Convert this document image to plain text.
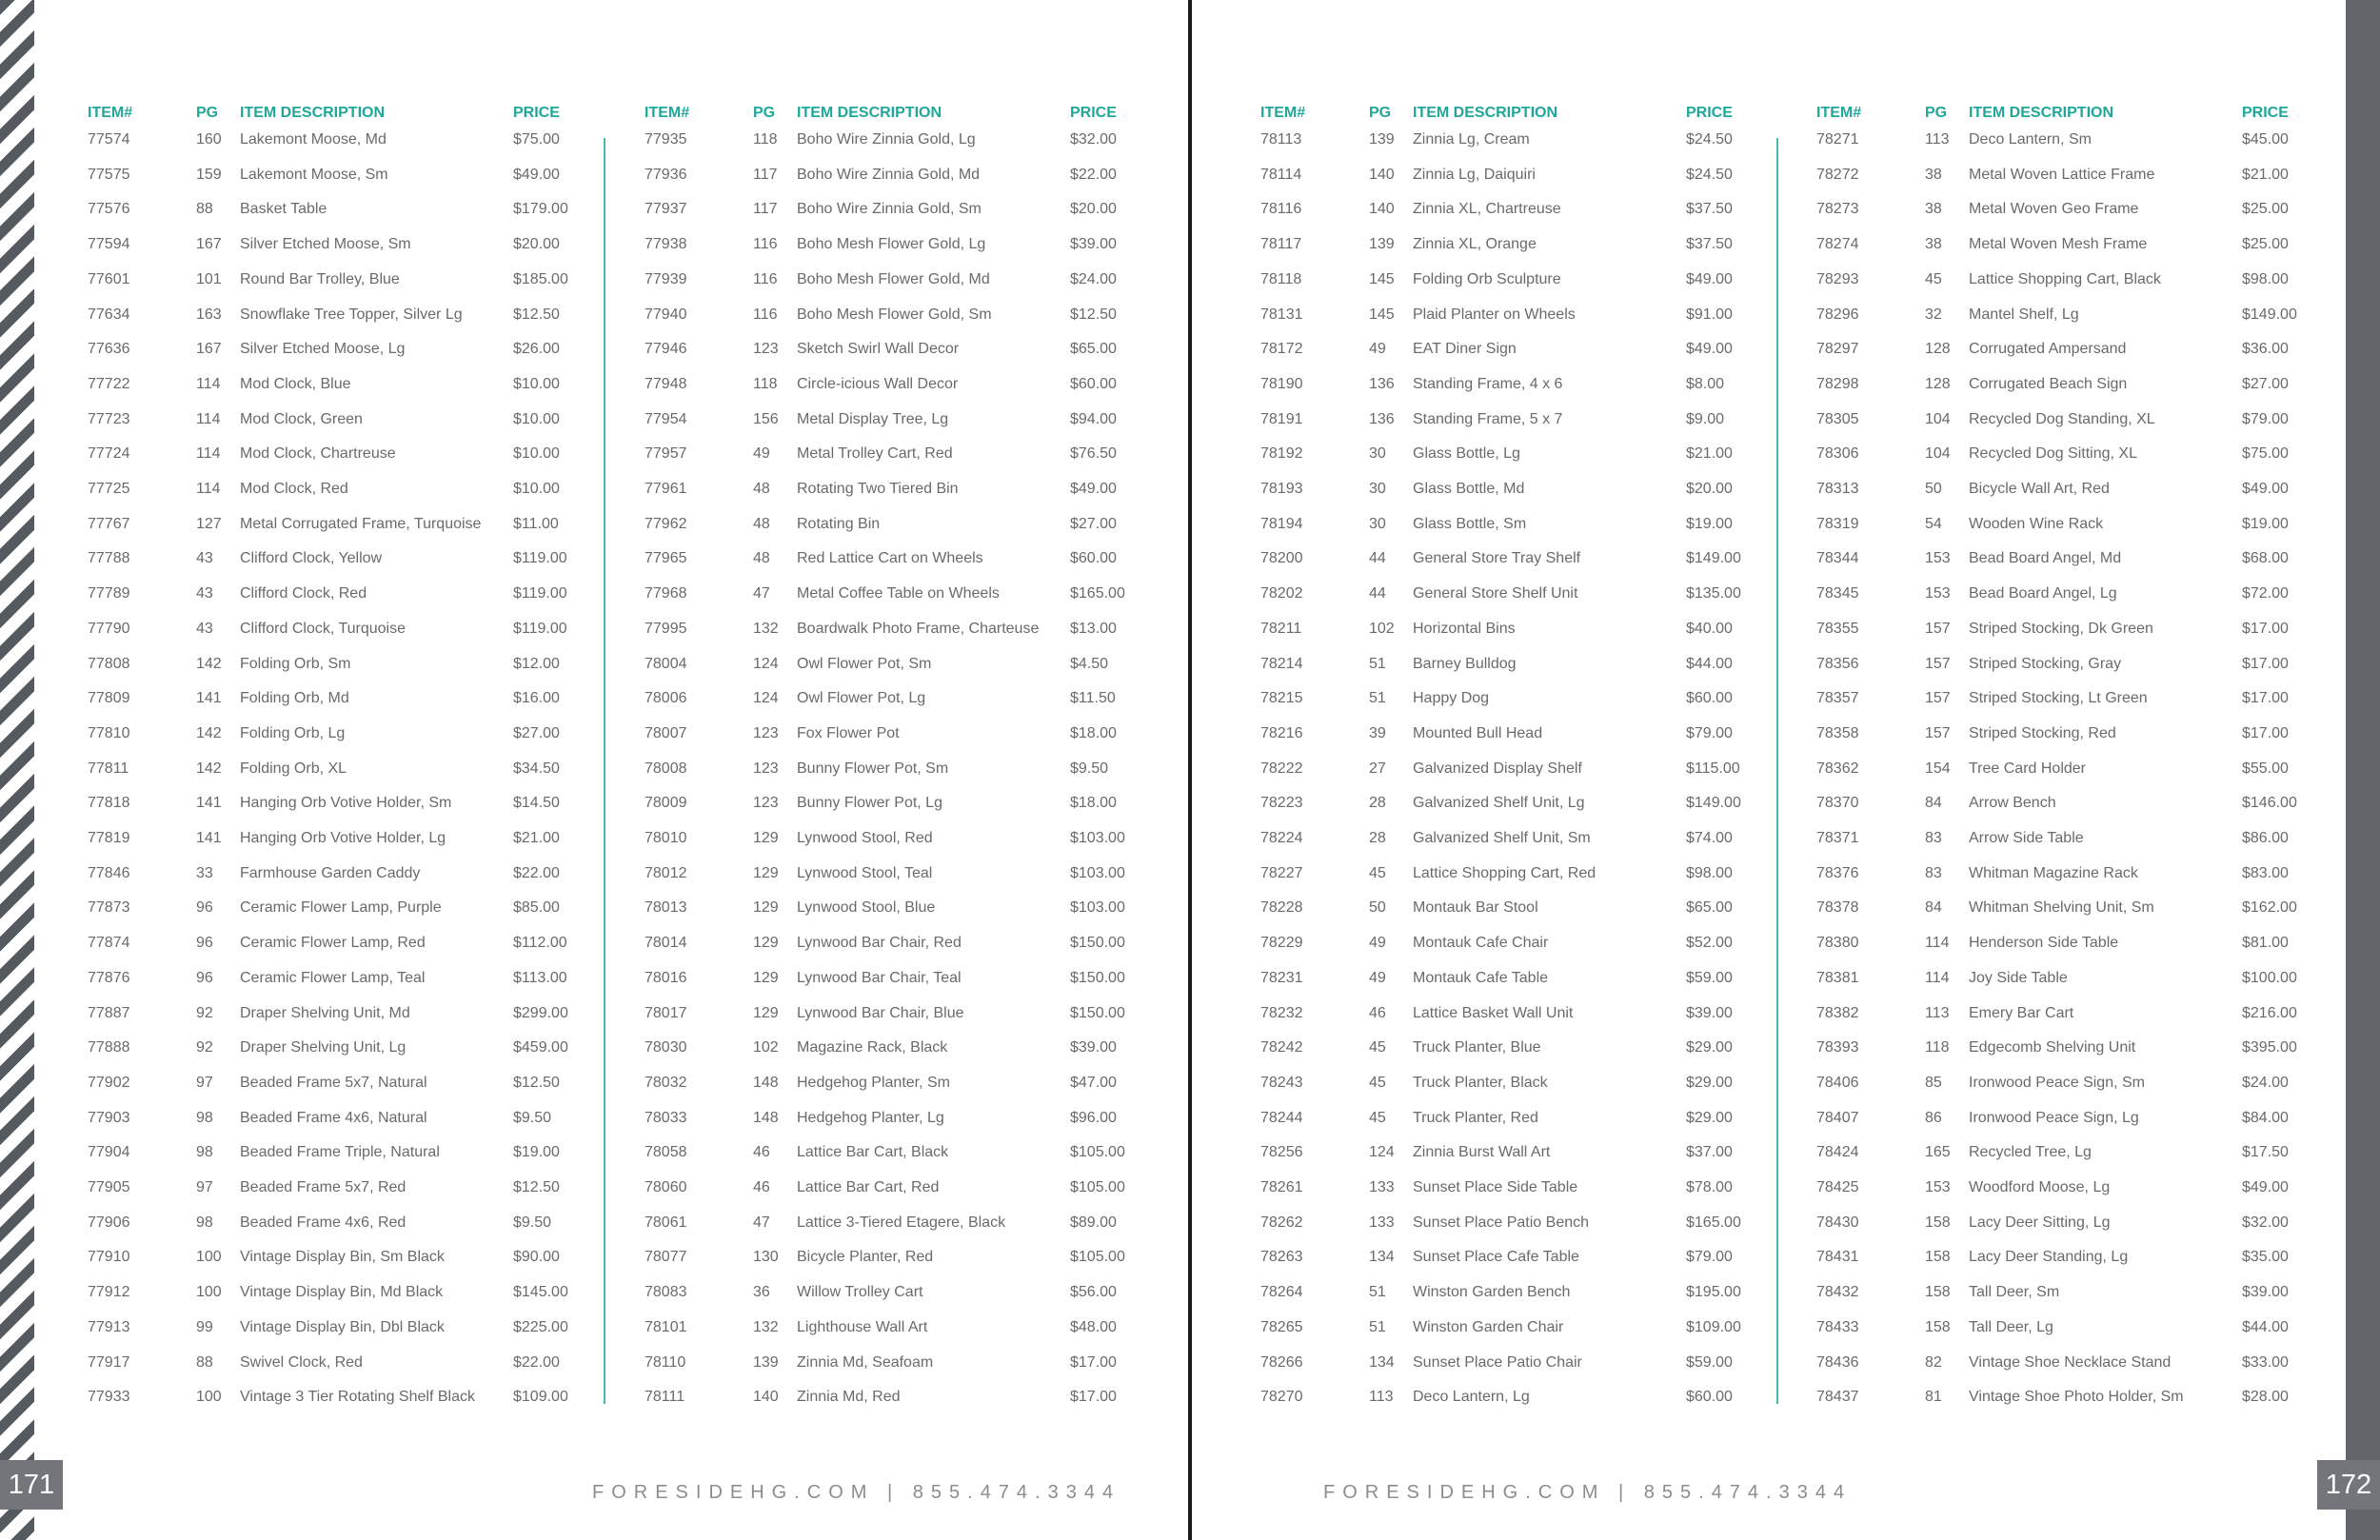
ITEM#	PG ITEM DESCRIPTION	PRICE
77574	160 Lakemont Moose, Md	$75.00
77575	159 Lakemont Moose, Sm	$49.00
77576	88 Basket Table	$179.00
77594	167 Silver Etched Moose, Sm	$20.00
77601	101 Round Bar Trolley, Blue	$185.00
77634	163 Snowflake Tree Topper, Silver Lg	$12.50
77636	167 Silver Etched Moose, Lg	$26.00
77722	114 Mod Clock, Blue	$10.00
77723	114 Mod Clock, Green	$10.00
77724	114 Mod Clock, Chartreuse	$10.00
77725	114 Mod Clock, Red	$10.00
77767	127 Metal Corrugated Frame, Turquoise $11.00
77788	43 Clifford Clock, Yellow	$119.00
77789	43 Clifford Clock, Red	$119.00
77790	43 Clifford Clock, Turquoise	$119.00
77808	142 Folding Orb, Sm	$12.00
77809	141 Folding Orb, Md	$16.00
77810	142 Folding Orb, Lg	$27.00
77811	142 Folding Orb, XL	$34.50
77818	141 Hanging Orb Votive Holder, Sm	$14.50
77819	141 Hanging Orb Votive Holder, Lg	$21.00
77846	33 Farmhouse Garden Caddy	$22.00
77873	96 Ceramic Flower Lamp, Purple	$85.00
77874	96 Ceramic Flower Lamp, Red	$112.00
77876	96 Ceramic Flower Lamp, Teal	$113.00
77887	92 Draper Shelving Unit, Md	$299.00
77888	92 Draper Shelving Unit, Lg	$459.00
77902	97 Beaded Frame 5x7, Natural	$12.50
77903	98 Beaded Frame 4x6, Natural	$9.50
77904	98 Beaded Frame Triple, Natural	$19.00
77905	97 Beaded Frame 5x7, Red	$12.50
77906	98 Beaded Frame 4x6, Red	$9.50
77910	100 Vintage Display Bin, Sm Black	$90.00
77912	100 Vintage Display Bin, Md Black	$145.00
77913	99 Vintage Display Bin, Dbl Black	$225.00
77917	88 Swivel Clock, Red	$22.00
77933	100 Vintage 3 Tier Rotating Shelf Black	$109.00
ITEM#	PG ITEM DESCRIPTION	PRICE
77935	118 Boho Wire Zinnia Gold, Lg	$32.00
77936	117 Boho Wire Zinnia Gold, Md	$22.00
77937	117 Boho Wire Zinnia Gold, Sm	$20.00
77938	116 Boho Mesh Flower Gold, Lg	$39.00
77939	116 Boho Mesh Flower Gold, Md	$24.00
77940	116 Boho Mesh Flower Gold, Sm	$12.50
77946	123 Sketch Swirl Wall Decor	$65.00
77948	118 Circle-icious Wall Decor	$60.00
77954	156 Metal Display Tree, Lg	$94.00
77957	49 Metal Trolley Cart, Red	$76.50
77961	48 Rotating Two Tiered Bin	$49.00
77962	48 Rotating Bin	$27.00
77965	48 Red Lattice Cart on Wheels	$60.00
77968	47 Metal Coffee Table on Wheels	$165.00
77995	132 Boardwalk Photo Frame, Charteuse $13.00
78004	124 Owl Flower Pot, Sm	$4.50
78006	124 Owl Flower Pot, Lg	$11.50
78007	123 Fox Flower Pot	$18.00
78008	123 Bunny Flower Pot, Sm	$9.50
78009	123 Bunny Flower Pot, Lg	$18.00
78010	129 Lynwood Stool, Red	$103.00
78012	129 Lynwood Stool, Teal	$103.00
78013	129 Lynwood Stool, Blue	$103.00
78014	129 Lynwood Bar Chair, Red	$150.00
78016	129 Lynwood Bar Chair, Teal	$150.00
78017	129 Lynwood Bar Chair, Blue	$150.00
78030	102 Magazine Rack, Black	$39.00
78032	148 Hedgehog Planter, Sm	$47.00
78033	148 Hedgehog Planter, Lg	$96.00
78058	46 Lattice Bar Cart, Black	$105.00
78060	46 Lattice Bar Cart, Red	$105.00
78061	47 Lattice 3-Tiered Etagere, Black	$89.00
78077	130 Bicycle Planter, Red	$105.00
78083	36 Willow Trolley Cart	$56.00
78101	132 Lighthouse Wall Art	$48.00
78110	139 Zinnia Md, Seafoam	$17.00
78111	140 Zinnia Md, Red	$17.00
ITEM#	PG ITEM DESCRIPTION	PRICE
78113	139 Zinnia Lg, Cream	$24.50
78114	140 Zinnia Lg, Daiquiri	$24.50
78116	140 Zinnia XL, Chartreuse	$37.50
78117	139 Zinnia XL, Orange	$37.50
78118	145 Folding Orb Sculpture	$49.00
78131	145 Plaid Planter on Wheels	$91.00
78172	49 EAT Diner Sign	$49.00
78190	136 Standing Frame, 4 x 6	$8.00
78191	136 Standing Frame, 5 x 7	$9.00
78192	30 Glass Bottle, Lg	$21.00
78193	30 Glass Bottle, Md	$20.00
78194	30 Glass Bottle, Sm	$19.00
78200	44 General Store Tray Shelf	$149.00
78202	44 General Store Shelf Unit	$135.00
78211	102 Horizontal Bins	$40.00
78214	51 Barney Bulldog	$44.00
78215	51 Happy Dog	$60.00
78216	39 Mounted Bull Head	$79.00
78222	27 Galvanized Display Shelf	$115.00
78223	28 Galvanized Shelf Unit, Lg	$149.00
78224	28 Galvanized Shelf Unit, Sm	$74.00
78227	45 Lattice Shopping Cart, Red	$98.00
78228	50 Montauk Bar Stool	$65.00
78229	49 Montauk Cafe Chair	$52.00
78231	49 Montauk Cafe Table	$59.00
78232	46 Lattice Basket Wall Unit	$39.00
78242	45 Truck Planter, Blue	$29.00
78243	45 Truck Planter, Black	$29.00
78244	45 Truck Planter, Red	$29.00
78256	124 Zinnia Burst Wall Art	$37.00
78261	133 Sunset Place Side Table	$78.00
78262	133 Sunset Place Patio Bench	$165.00
78263	134 Sunset Place Cafe Table	$79.00
78264	51 Winston Garden Bench	$195.00
78265	51 Winston Garden Chair	$109.00
78266	134 Sunset Place Patio Chair	$59.00
78270	113 Deco Lantern, Lg	$60.00
ITEM#	PG ITEM DESCRIPTION	PRICE
78271	113 Deco Lantern, Sm	$45.00
78272	38 Metal Woven Lattice Frame	$21.00
78273	38 Metal Woven Geo Frame	$25.00
78274	38 Metal Woven Mesh Frame	$25.00
78293	45 Lattice Shopping Cart, Black	$98.00
78296	32 Mantel Shelf, Lg	$149.00
78297	128 Corrugated Ampersand	$36.00
78298	128 Corrugated Beach Sign	$27.00
78305	104 Recycled Dog Standing, XL	$79.00
78306	104 Recycled Dog Sitting, XL	$75.00
78313	50 Bicycle Wall Art, Red	$49.00
78319	54 Wooden Wine Rack	$19.00
78344	153 Bead Board Angel, Md	$68.00
78345	153 Bead Board Angel, Lg	$72.00
78355	157 Striped Stocking, Dk Green	$17.00
78356	157 Striped Stocking, Gray	$17.00
78357	157 Striped Stocking, Lt Green	$17.00
78358	157 Striped Stocking, Red	$17.00
78362	154 Tree Card Holder	$55.00
78370	84 Arrow Bench	$146.00
78371	83 Arrow Side Table	$86.00
78376	83 Whitman Magazine Rack	$83.00
78378	84 Whitman Shelving Unit, Sm	$162.00
78380	114 Henderson Side Table	$81.00
78381	114 Joy Side Table	$100.00
78382	113 Emery Bar Cart	$216.00
78393	118 Edgecomb Shelving Unit	$395.00
78406	85 Ironwood Peace Sign, Sm	$24.00
78407	86 Ironwood Peace Sign, Lg	$84.00
78424	165 Recycled Tree, Lg	$17.50
78425	153 Woodford Moose, Lg	$49.00
78430	158 Lacy Deer Sitting, Lg	$32.00
78431	158 Lacy Deer Standing, Lg	$35.00
78432	158 Tall Deer, Sm	$39.00
78433	158 Tall Deer, Lg	$44.00
78436	82 Vintage Shoe Necklace Stand	$33.00
78437	81 Vintage Shoe Photo Holder, Sm	$28.00
FORESIDEHG.COM | 855.474.3344	FORESIDEHG.COM | 855.474.3344
171	172
